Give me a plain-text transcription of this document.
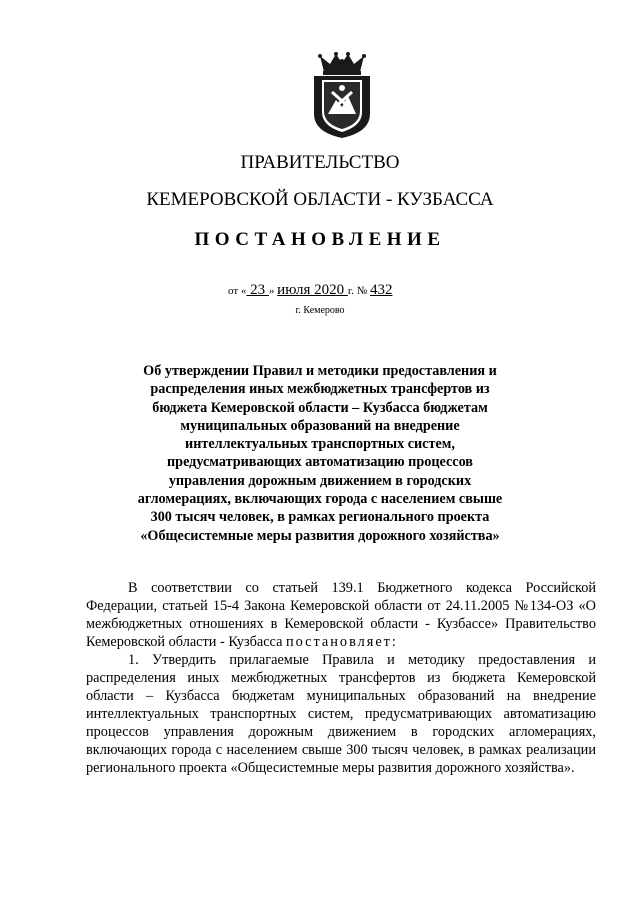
ПРАВИТЕЛЬСТВО
КЕМЕРОВСКОЙ ОБЛАСТИ - КУЗБАССА
ПОСТАНОВЛЕНИЕ
от « 23 » июля 2020 г. № 432
г. Кемерово
Об утверждении Правил и методики предоставления и распределения иных межбюджетных трансфертов из бюджета Кемеровской области – Кузбасса бюджетам муниципальных образований на внедрение интеллектуальных транспортных систем, предусматривающих автоматизацию процессов управления дорожным движением в городских агломерациях, включающих города с населением свыше 300 тысяч человек, в рамках регионального проекта «Общесистемные меры развития дорожного хозяйства»

В соответствии со статьей 139.1 Бюджетного кодекса Российской Федерации, статьей 15-4 Закона Кемеровской области от 24.11.2005 №134-ОЗ «О межбюджетных отношениях в Кемеровской области - Кузбассе» Правительство Кемеровской области - Кузбасса постановляет:

1. Утвердить прилагаемые Правила и методику предоставления и распределения иных межбюджетных трансфертов из бюджета Кемеровской области – Кузбасса бюджетам муниципальных образований на внедрение интеллектуальных транспортных систем, предусматривающих автоматизацию процессов управления дорожным движением в городских агломерациях, включающих города с населением свыше 300 тысяч человек, в рамках реализации регионального проекта «Общесистемные меры развития дорожного хозяйства».
